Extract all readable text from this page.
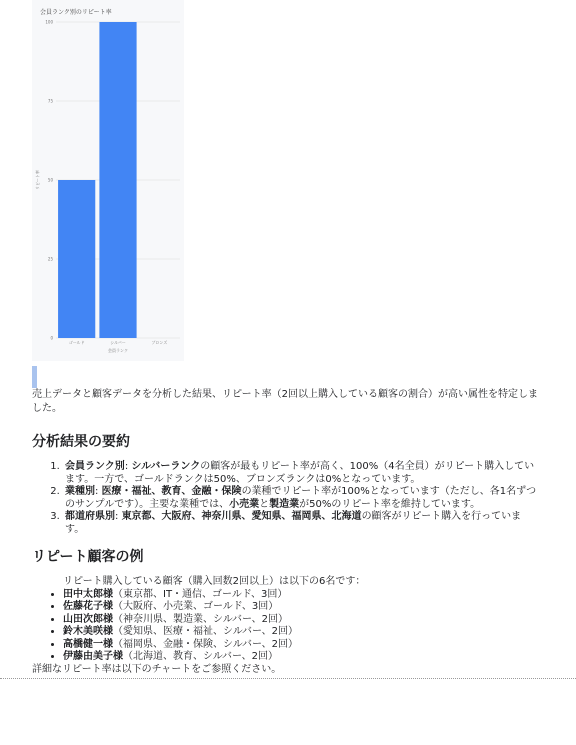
会員ランク別のリピート率
0
25
50
75
100
ゴールド	シルバー	ブロンズ
会員ランク
リピート率

売上データと顧客データを分析した結果、リピート率（2回以上購入している顧客の割合）が高い属性を特定しました。

分析結果の要約
1. 会員ランク別: シルバーランクの顧客が最もリピート率が高く、100%（4名全員）がリピート購入しています。一方で、ゴールドランクは50%、ブロンズランクは0%となっています。
2. 業種別: 医療・福祉、教育、金融・保険の業種でリピート率が100%となっています（ただし、各1名ずつのサンプルです）。主要な業種では、小売業と製造業が50%のリピート率を維持しています。
3. 都道府県別: 東京都、大阪府、神奈川県、愛知県、福岡県、北海道の顧客がリピート購入を行っています。
リピート顧客の例

リピート購入している顧客（購入回数2回以上）は以下の6名です：

• 田中太郎様（東京都、IT・通信、ゴールド、3回）
• 佐藤花子様（大阪府、小売業、ゴールド、3回）
• 山田次郎様（神奈川県、製造業、シルバー、2回）
• 鈴木美咲様（愛知県、医療・福祉、シルバー、2回）
• 高橋健一様（福岡県、金融・保険、シルバー、2回）
• 伊藤由美子様（北海道、教育、シルバー、2回）

詳細なリピート率は以下のチャートをご参照ください。
